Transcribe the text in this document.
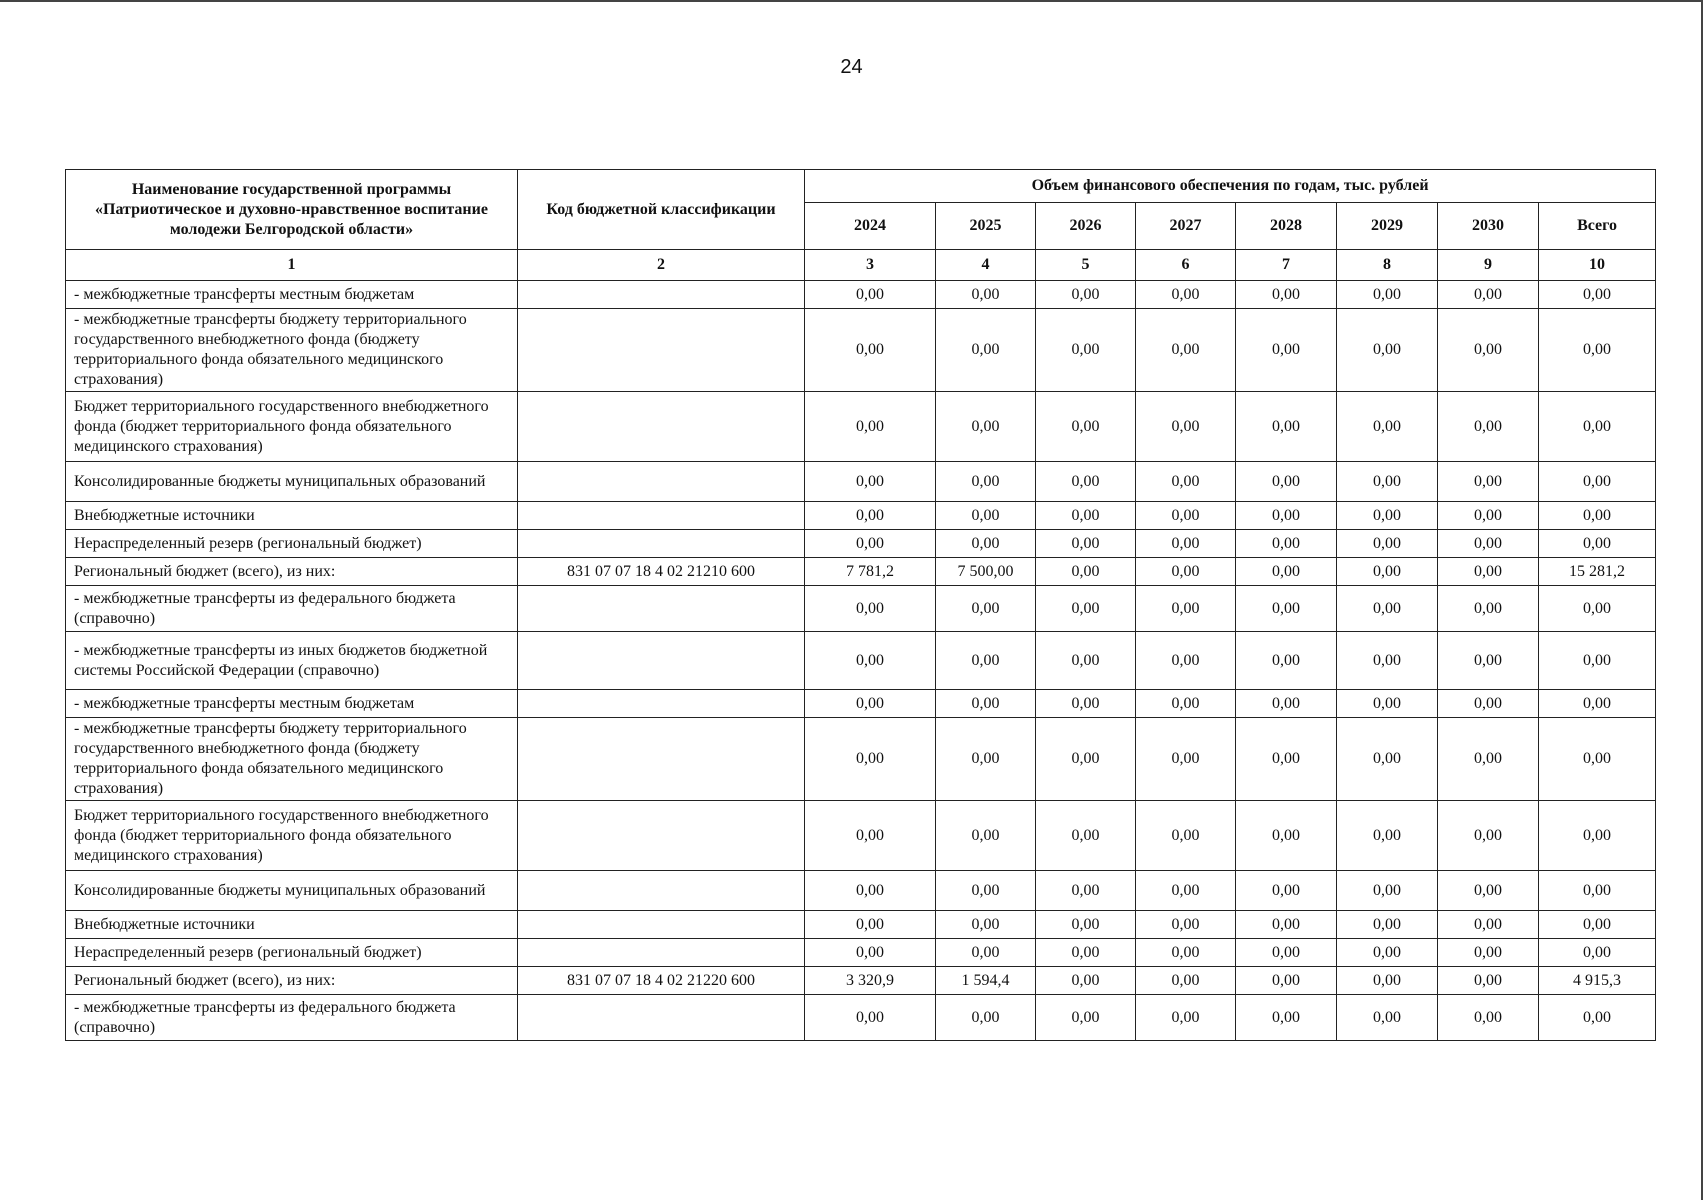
24
Наименование государственной программы «Патриотическое и духовно-нравственное воспитание молодежи Белгородской области»	Код бюджетной классификации	Объем финансового обеспечения по годам, тыс. рублей							
		2024	2025	2026	2027	2028	2029	2030	Всего
1	2	3	4	5	6	7	8	9	10
- межбюджетные трансферты местным бюджетам		0,00	0,00	0,00	0,00	0,00	0,00	0,00	0,00
- межбюджетные трансферты бюджету территориального государственного внебюджетного фонда (бюджету территориального фонда обязательного медицинского страхования)		0,00	0,00	0,00	0,00	0,00	0,00	0,00	0,00
Бюджет территориального государственного внебюджетного фонда (бюджет территориального фонда обязательного медицинского страхования)		0,00	0,00	0,00	0,00	0,00	0,00	0,00	0,00
Консолидированные бюджеты муниципальных образований		0,00	0,00	0,00	0,00	0,00	0,00	0,00	0,00
Внебюджетные источники		0,00	0,00	0,00	0,00	0,00	0,00	0,00	0,00
Нераспределенный резерв (региональный бюджет)		0,00	0,00	0,00	0,00	0,00	0,00	0,00	0,00
Региональный бюджет (всего), из них:	831 07 07 18 4 02 21210 600	7 781,2	7 500,00	0,00	0,00	0,00	0,00	0,00	15 281,2
- межбюджетные трансферты из федерального бюджета (справочно)		0,00	0,00	0,00	0,00	0,00	0,00	0,00	0,00
- межбюджетные трансферты из иных бюджетов бюджетной системы Российской Федерации (справочно)		0,00	0,00	0,00	0,00	0,00	0,00	0,00	0,00
- межбюджетные трансферты местным бюджетам		0,00	0,00	0,00	0,00	0,00	0,00	0,00	0,00
- межбюджетные трансферты бюджету территориального государственного внебюджетного фонда (бюджету территориального фонда обязательного медицинского страхования)		0,00	0,00	0,00	0,00	0,00	0,00	0,00	0,00
Бюджет территориального государственного внебюджетного фонда (бюджет территориального фонда обязательного медицинского страхования)		0,00	0,00	0,00	0,00	0,00	0,00	0,00	0,00
Консолидированные бюджеты муниципальных образований		0,00	0,00	0,00	0,00	0,00	0,00	0,00	0,00
Внебюджетные источники		0,00	0,00	0,00	0,00	0,00	0,00	0,00	0,00
Нераспределенный резерв (региональный бюджет)		0,00	0,00	0,00	0,00	0,00	0,00	0,00	0,00
Региональный бюджет (всего), из них:	831 07 07 18 4 02 21220 600	3 320,9	1 594,4	0,00	0,00	0,00	0,00	0,00	4 915,3
- межбюджетные трансферты из федерального бюджета (справочно)		0,00	0,00	0,00	0,00	0,00	0,00	0,00	0,00
